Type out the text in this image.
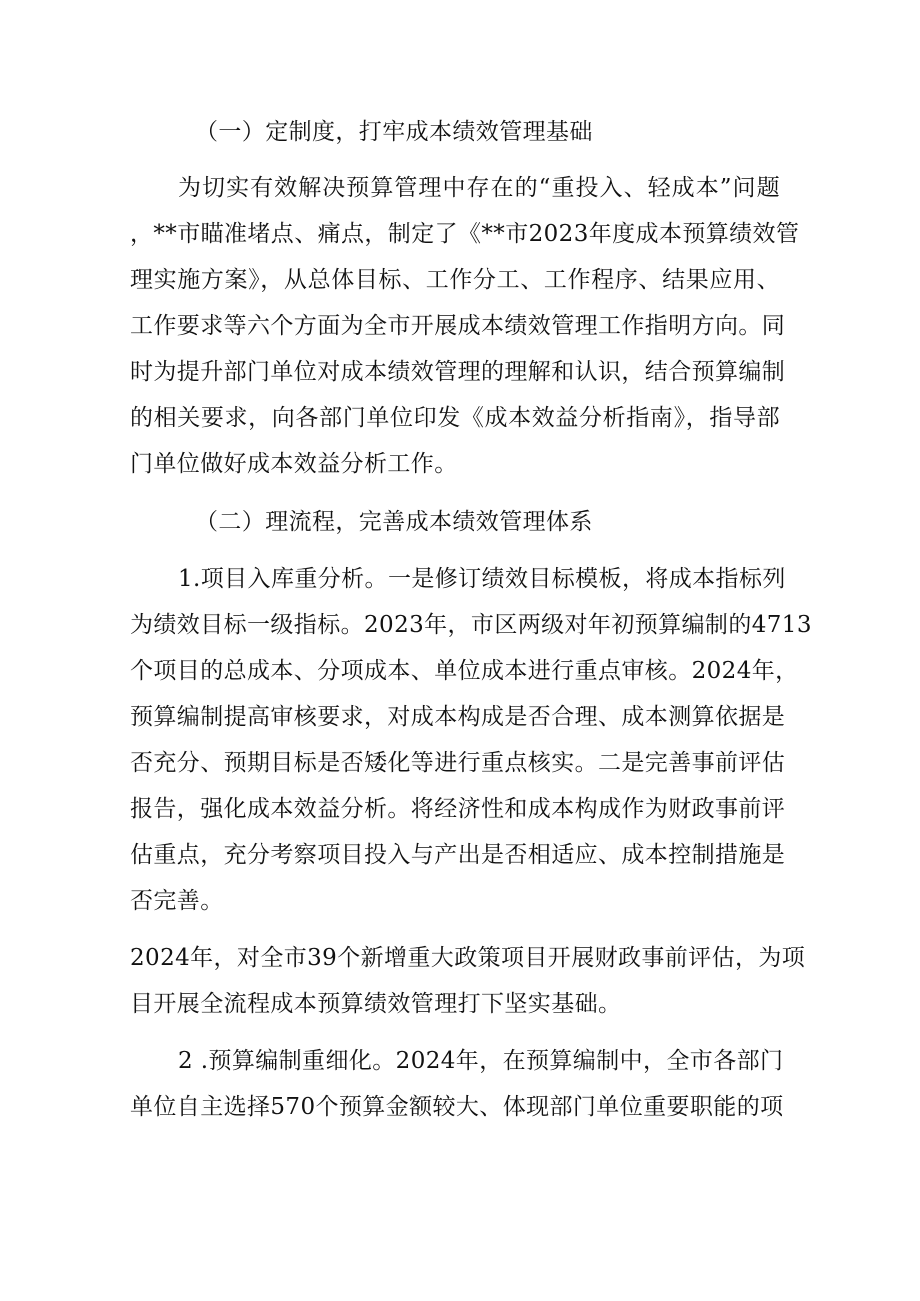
（一）定制度，打牢成本绩效管理基础
为切实有效解决预算管理中存在的“重投入、轻成本”问题
，**市瞄准堵点、痛点，制定了《**市2023年度成本预算绩效管
理实施方案》，从总体目标、工作分工、工作程序、结果应用、
工作要求等六个方面为全市开展成本绩效管理工作指明方向。同
时为提升部门单位对成本绩效管理的理解和认识，结合预算编制
的相关要求，向各部门单位印发《成本效益分析指南》，指导部
门单位做好成本效益分析工作。
（二）理流程，完善成本绩效管理体系
1.项目入库重分析。一是修订绩效目标模板，将成本指标列
为绩效目标一级指标。2023年，市区两级对年初预算编制的4713
个项目的总成本、分项成本、单位成本进行重点审核。2024年，
预算编制提高审核要求，对成本构成是否合理、成本测算依据是
否充分、预期目标是否矮化等进行重点核实。二是完善事前评估
报告，强化成本效益分析。将经济性和成本构成作为财政事前评
估重点，充分考察项目投入与产出是否相适应、成本控制措施是
否完善。
2024年，对全市39个新增重大政策项目开展财政事前评估，为项
目开展全流程成本预算绩效管理打下坚实基础。
2 .预算编制重细化。2024年，在预算编制中，全市各部门
单位自主选择570个预算金额较大、体现部门单位重要职能的项
